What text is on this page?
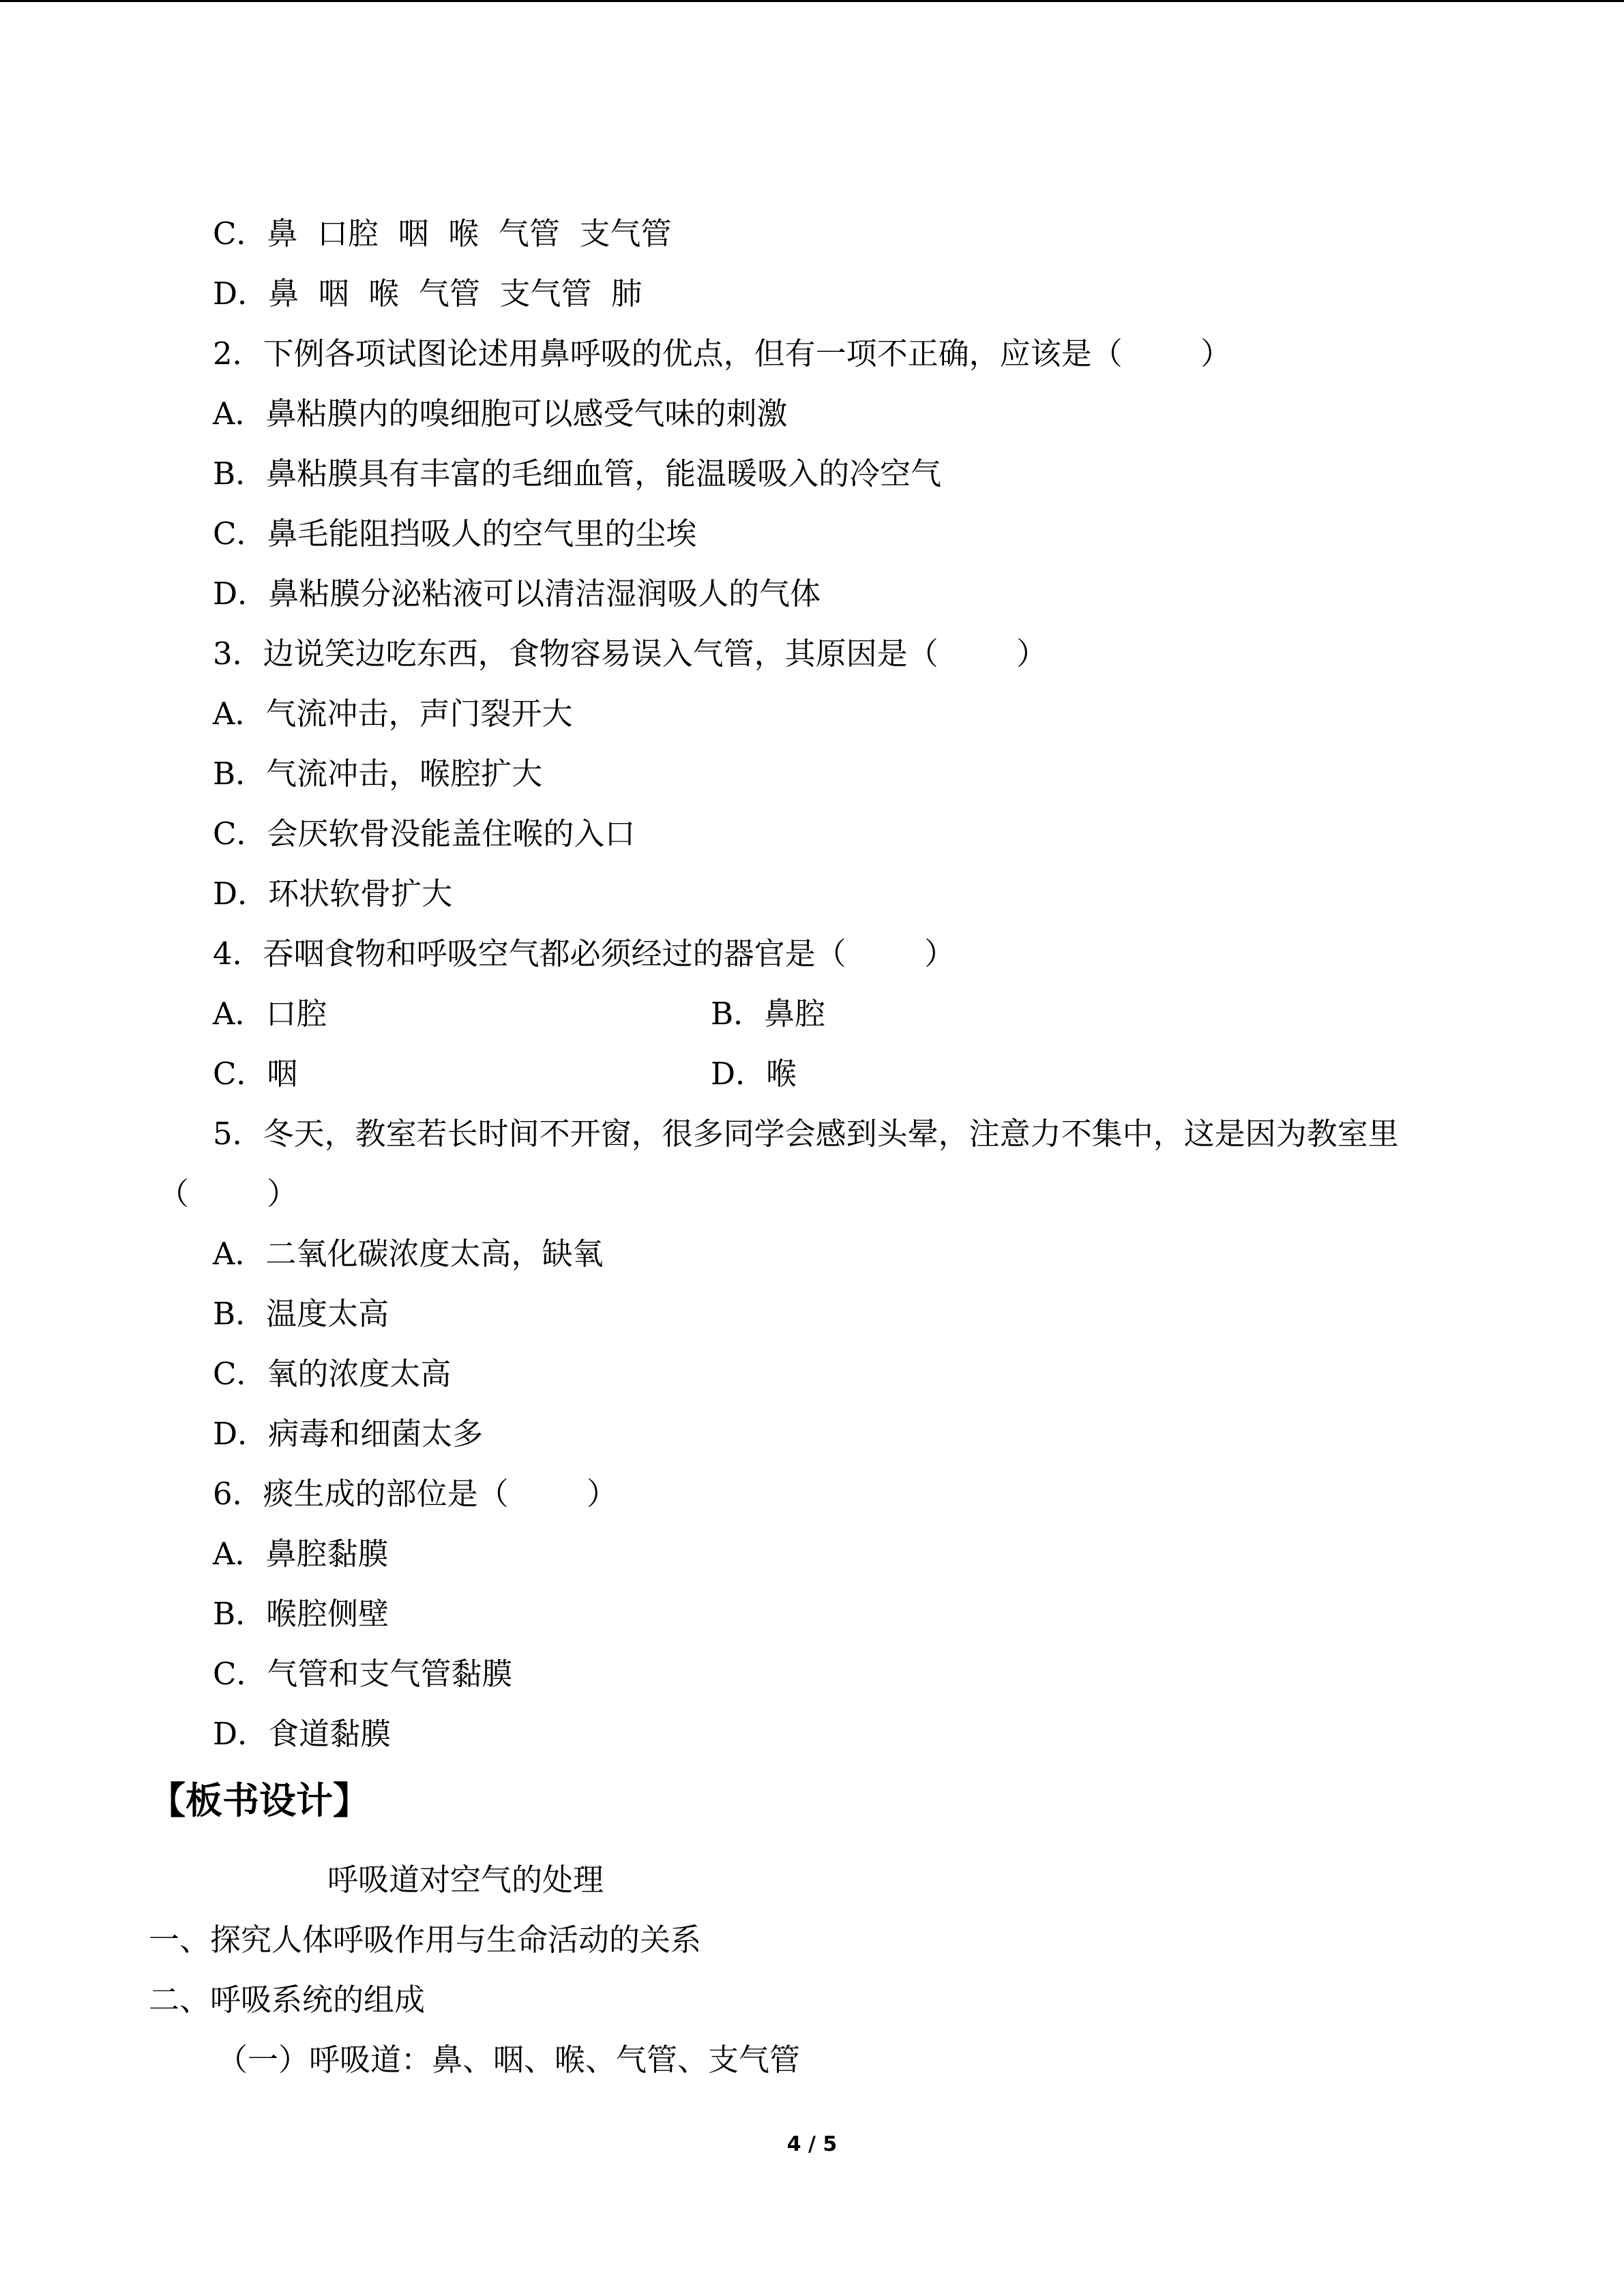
C．鼻  口腔  咽  喉  气管  支气管
D．鼻  咽  喉  气管  支气管  肺
2．下例各项试图论述用鼻呼吸的优点，但有一项不正确，应该是（        ）
A．鼻粘膜内的嗅细胞可以感受气味的刺激
B．鼻粘膜具有丰富的毛细血管，能温暖吸入的冷空气
C．鼻毛能阻挡吸人的空气里的尘埃
D．鼻粘膜分泌粘液可以清洁湿润吸人的气体
3．边说笑边吃东西，食物容易误入气管，其原因是（        ）
A．气流冲击，声门裂开大
B．气流冲击，喉腔扩大
C．会厌软骨没能盖住喉的入口
D．环状软骨扩大
4．吞咽食物和呼吸空气都必须经过的器官是（        ）
A．口腔	B．鼻腔
C．咽	D．喉
5．冬天，教室若长时间不开窗，很多同学会感到头晕，注意力不集中，这是因为教室里
（        ）
A．二氧化碳浓度太高，缺氧
B．温度太高
C．氧的浓度太高
D．病毒和细菌太多
6．痰生成的部位是（        ）
A．鼻腔黏膜
B．喉腔侧壁
C．气管和支气管黏膜
D．食道黏膜
【板书设计】
呼吸道对空气的处理
一、探究人体呼吸作用与生命活动的关系
二、呼吸系统的组成
（一）呼吸道：鼻、咽、喉、气管、支气管
4 / 5
